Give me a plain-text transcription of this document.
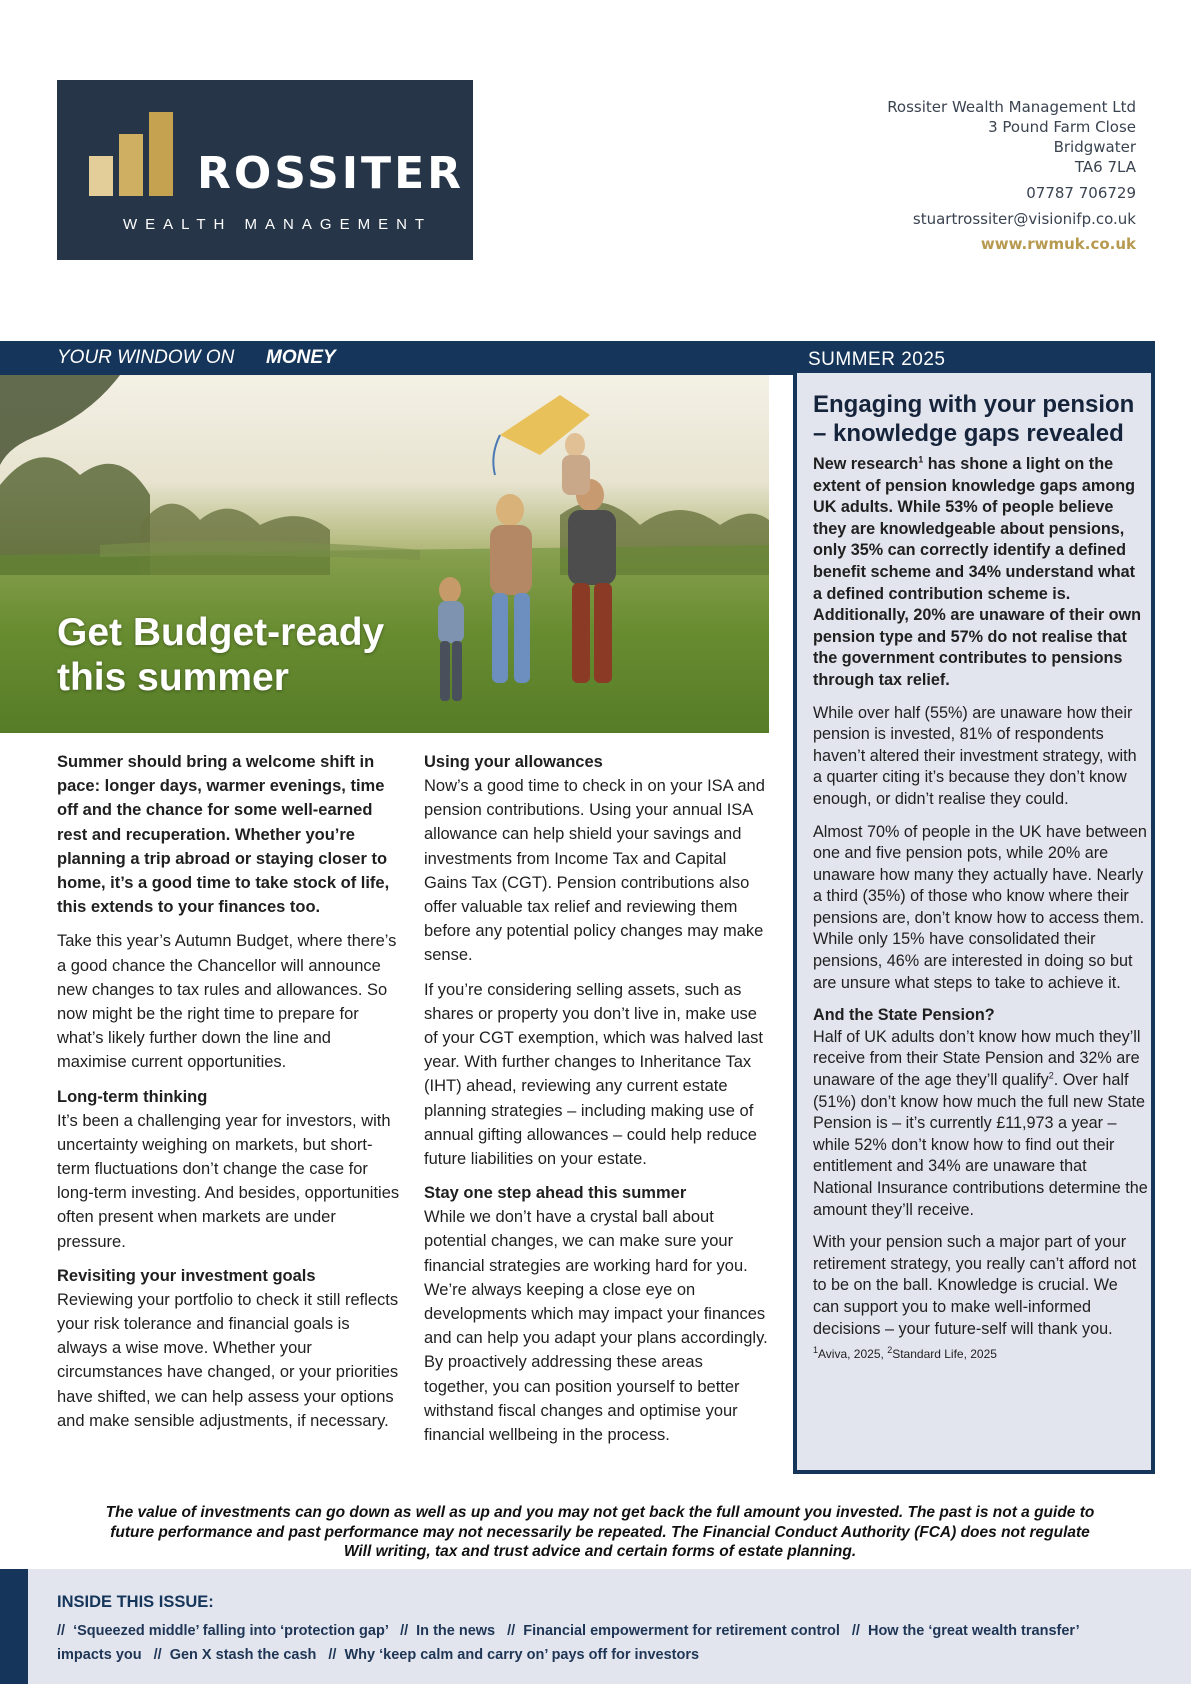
ROSSITER
WEALTH MANAGEMENT
Rossiter Wealth Management Ltd
3 Pound Farm Close
Bridgwater
TA6 7LA
07787 706729
stuartrossiter@visionifp.co.uk
www.rwmuk.co.uk
YOUR WINDOW ON MONEY	SUMMER 2025
Get Budget-ready
this summer

Summer should bring a welcome shift in pace: longer days, warmer evenings, time off and the chance for some well-earned rest and recuperation. Whether you’re planning a trip abroad or staying closer to home, it’s a good time to take stock of life, this extends to your finances too.

Take this year’s Autumn Budget, where there’s a good chance the Chancellor will announce new changes to tax rules and allowances. So now might be the right time to prepare for what’s likely further down the line and maximise current opportunities.

Long-term thinking

It’s been a challenging year for investors, with uncertainty weighing on markets, but short-term fluctuations don’t change the case for long-term investing. And besides, opportunities often present when markets are under pressure.

Revisiting your investment goals

Reviewing your portfolio to check it still reflects your risk tolerance and financial goals is always a wise move. Whether your circumstances have changed, or your priorities have shifted, we can help assess your options and make sensible adjustments, if necessary.

Using your allowances

Now’s a good time to check in on your ISA and pension contributions. Using your annual ISA allowance can help shield your savings and investments from Income Tax and Capital Gains Tax (CGT). Pension contributions also offer valuable tax relief and reviewing them before any potential policy changes may make sense.

If you’re considering selling assets, such as shares or property you don’t live in, make use of your CGT exemption, which was halved last year. With further changes to Inheritance Tax (IHT) ahead, reviewing any current estate planning strategies – including making use of annual gifting allowances – could help reduce future liabilities on your estate.

Stay one step ahead this summer

While we don’t have a crystal ball about potential changes, we can make sure your financial strategies are working hard for you. We’re always keeping a close eye on developments which may impact your finances and can help you adapt your plans accordingly. By proactively addressing these areas together, you can position yourself to better withstand fiscal changes and optimise your financial wellbeing in the process.

Engaging with your pension – knowledge gaps revealed

New research$^1$ has shone a light on the extent of pension knowledge gaps among UK adults. While 53% of people believe they are knowledgeable about pensions, only 35% can correctly identify a defined benefit scheme and 34% understand what a defined contribution scheme is. Additionally, 20% are unaware of their own pension type and 57% do not realise that the government contributes to pensions through tax relief.

While over half (55%) are unaware how their pension is invested, 81% of respondents haven’t altered their investment strategy, with a quarter citing it’s because they don’t know enough, or didn’t realise they could.

Almost 70% of people in the UK have between one and five pension pots, while 20% are unaware how many they actually have. Nearly a third (35%) of those who know where their pensions are, don’t know how to access them. While only 15% have consolidated their pensions, 46% are interested in doing so but are unsure what steps to take to achieve it.

And the State Pension?

Half of UK adults don’t know how much they’ll receive from their State Pension and 32% are unaware of the age they’ll qualify$^2$. Over half (51%) don’t know how much the full new State Pension is – it’s currently £11,973 a year – while 52% don’t know how to find out their entitlement and 34% are unaware that National Insurance contributions determine the amount they’ll receive.

With your pension such a major part of your retirement strategy, you really can’t afford not to be on the ball. Knowledge is crucial. We can support you to make well-informed decisions – your future-self will thank you.

$^1$Aviva, 2025, $^2$Standard Life, 2025
The value of investments can go down as well as up and you may not get back the full amount you invested. The past is not a guide to future performance and past performance may not necessarily be repeated. The Financial Conduct Authority (FCA) does not regulate Will writing, tax and trust advice and certain forms of estate planning.
INSIDE THIS ISSUE:
// ‘Squeezed middle’ falling into ‘protection gap’ // In the news // Financial empowerment for retirement control // How the ‘great wealth transfer’ impacts you // Gen X stash the cash // Why ‘keep calm and carry on’ pays off for investors
